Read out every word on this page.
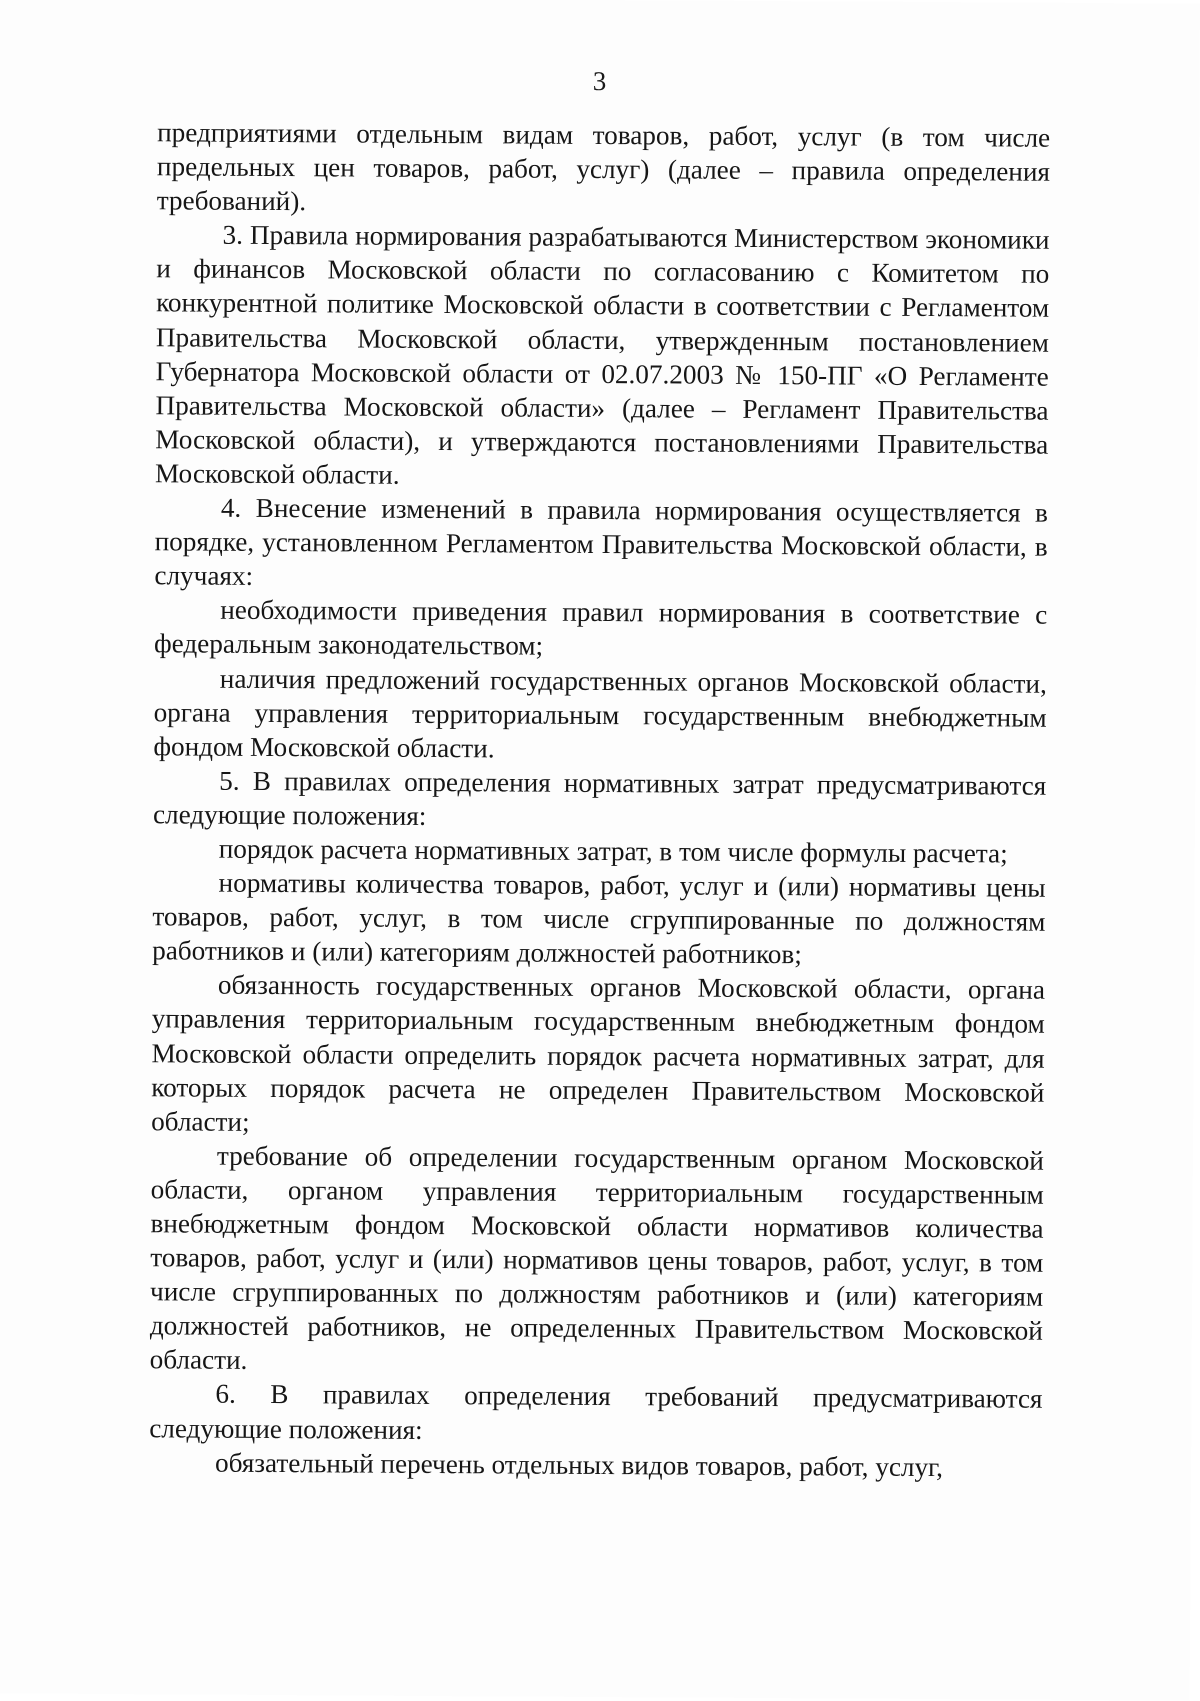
3

предприятиями отдельным видам товаров, работ, услуг (в том числе предельных цен товаров, работ, услуг) (далее – правила определения требований).

3. Правила нормирования разрабатываются Министерством экономики и финансов Московской области по согласованию с Комитетом по конкурентной политике Московской области в соответствии с Регламентом Правительства Московской области, утвержденным постановлением Губернатора Московской области от 02.07.2003 № 150-ПГ «О Регламенте Правительства Московской области» (далее – Регламент Правительства Московской области), и утверждаются постановлениями Правительства Московской области.

4. Внесение изменений в правила нормирования осуществляется в порядке, установленном Регламентом Правительства Московской области, в случаях:

необходимости приведения правил нормирования в соответствие с федеральным законодательством;

наличия предложений государственных органов Московской области, органа управления территориальным государственным внебюджетным фондом Московской области.

5. В правилах определения нормативных затрат предусматриваются следующие положения:

порядок расчета нормативных затрат, в том числе формулы расчета;

нормативы количества товаров, работ, услуг и (или) нормативы цены товаров, работ, услуг, в том числе сгруппированные по должностям работников и (или) категориям должностей работников;

обязанность государственных органов Московской области, органа управления территориальным государственным внебюджетным фондом Московской области определить порядок расчета нормативных затрат, для которых порядок расчета не определен Правительством Московской области;

требование об определении государственным органом Московской области, органом управления территориальным государственным внебюджетным фондом Московской области нормативов количества товаров, работ, услуг и (или) нормативов цены товаров, работ, услуг, в том числе сгруппированных по должностям работников и (или) категориям должностей работников, не определенных Правительством Московской области.

6. В правилах определения требований предусматриваются следующие положения:

обязательный перечень отдельных видов товаров, работ, услуг,
